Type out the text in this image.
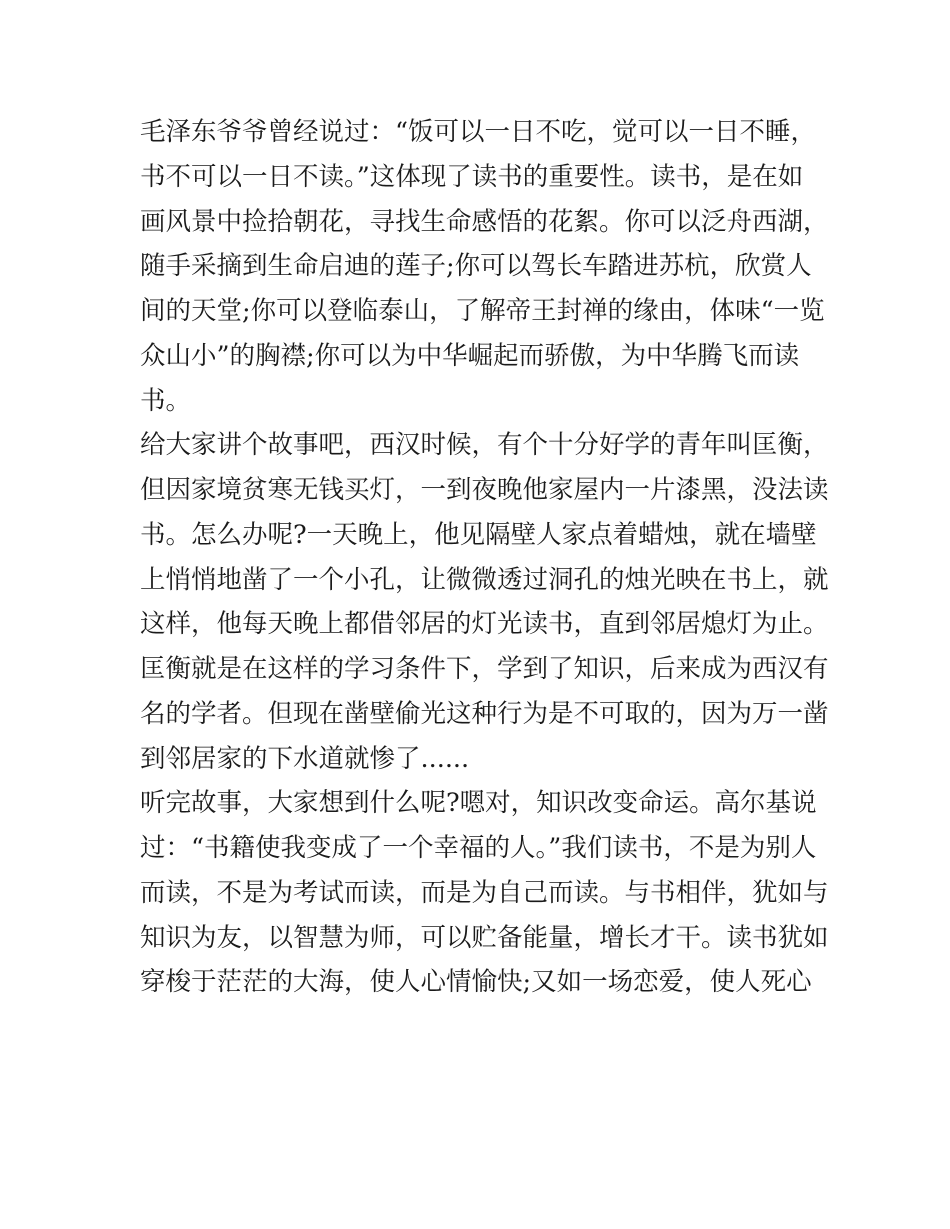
毛泽东爷爷曾经说过：“饭可以一日不吃，觉可以一日不睡，
书不可以一日不读。”这体现了读书的重要性。读书，是在如
画风景中捡拾朝花，寻找生命感悟的花絮。你可以泛舟西湖，
随手采摘到生命启迪的莲子;你可以驾长车踏进苏杭，欣赏人
间的天堂;你可以登临泰山，了解帝王封禅的缘由，体味“一览
众山小”的胸襟;你可以为中华崛起而骄傲，为中华腾飞而读
书。
给大家讲个故事吧，西汉时候，有个十分好学的青年叫匡衡，
但因家境贫寒无钱买灯，一到夜晚他家屋内一片漆黑，没法读
书。怎么办呢?一天晚上，他见隔壁人家点着蜡烛，就在墙壁
上悄悄地凿了一个小孔，让微微透过洞孔的烛光映在书上，就
这样，他每天晚上都借邻居的灯光读书，直到邻居熄灯为止。
匡衡就是在这样的学习条件下，学到了知识，后来成为西汉有
名的学者。但现在凿壁偷光这种行为是不可取的，因为万一凿
到邻居家的下水道就惨了......
听完故事，大家想到什么呢?嗯对，知识改变命运。高尔基说
过：“书籍使我变成了一个幸福的人。”我们读书，不是为别人
而读，不是为考试而读，而是为自己而读。与书相伴，犹如与
知识为友，以智慧为师，可以贮备能量，增长才干。读书犹如
穿梭于茫茫的大海，使人心情愉快;又如一场恋爱，使人死心
